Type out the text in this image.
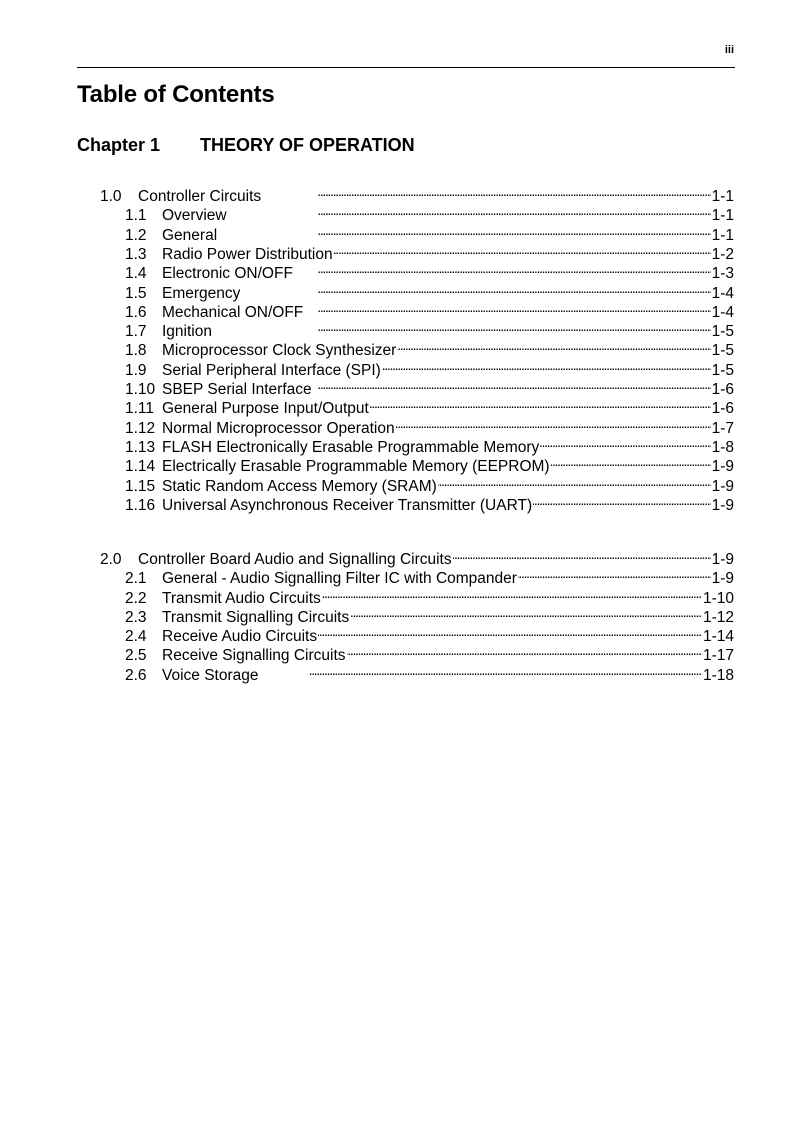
iii
Table of Contents
Chapter 1 THEORY OF OPERATION
1.0	Controller Circuits . . .	1-1
1.1 Overview . . .	1-1
1.2 General . . .	1-1
1.3 Radio Power Distribution . . .	1-2
1.4 Electronic ON/OFF . . .	1-3
1.5 Emergency . . .	1-4
1.6 Mechanical ON/OFF . . .	1-4
1.7 Ignition . . .	1-5
1.8 Microprocessor Clock Synthesizer . . .	1-5
1.9 Serial Peripheral Interface (SPI) . . .	1-5
1.10 SBEP Serial Interface . . .	1-6
1.11 General Purpose Input/Output . . .	1-6
1.12 Normal Microprocessor Operation . . .	1-7
1.13 FLASH Electronically Erasable Programmable Memory . . .	1-8
1.14 Electrically Erasable Programmable Memory (EEPROM) . . .	1-9
1.15 Static Random Access Memory (SRAM) . . .	1-9
1.16 Universal Asynchronous Receiver Transmitter (UART) . . .	1-9
2.0	Controller Board Audio and Signalling Circuits . . .	1-9
2.1 General - Audio Signalling Filter IC with Compander . . .	1-9
2.2 Transmit Audio Circuits . . .	1-10
2.3 Transmit Signalling Circuits . . .	1-12
2.4 Receive Audio Circuits . . .	1-14
2.5 Receive Signalling Circuits . . .	1-17
2.6 Voice Storage . . .	1-18
